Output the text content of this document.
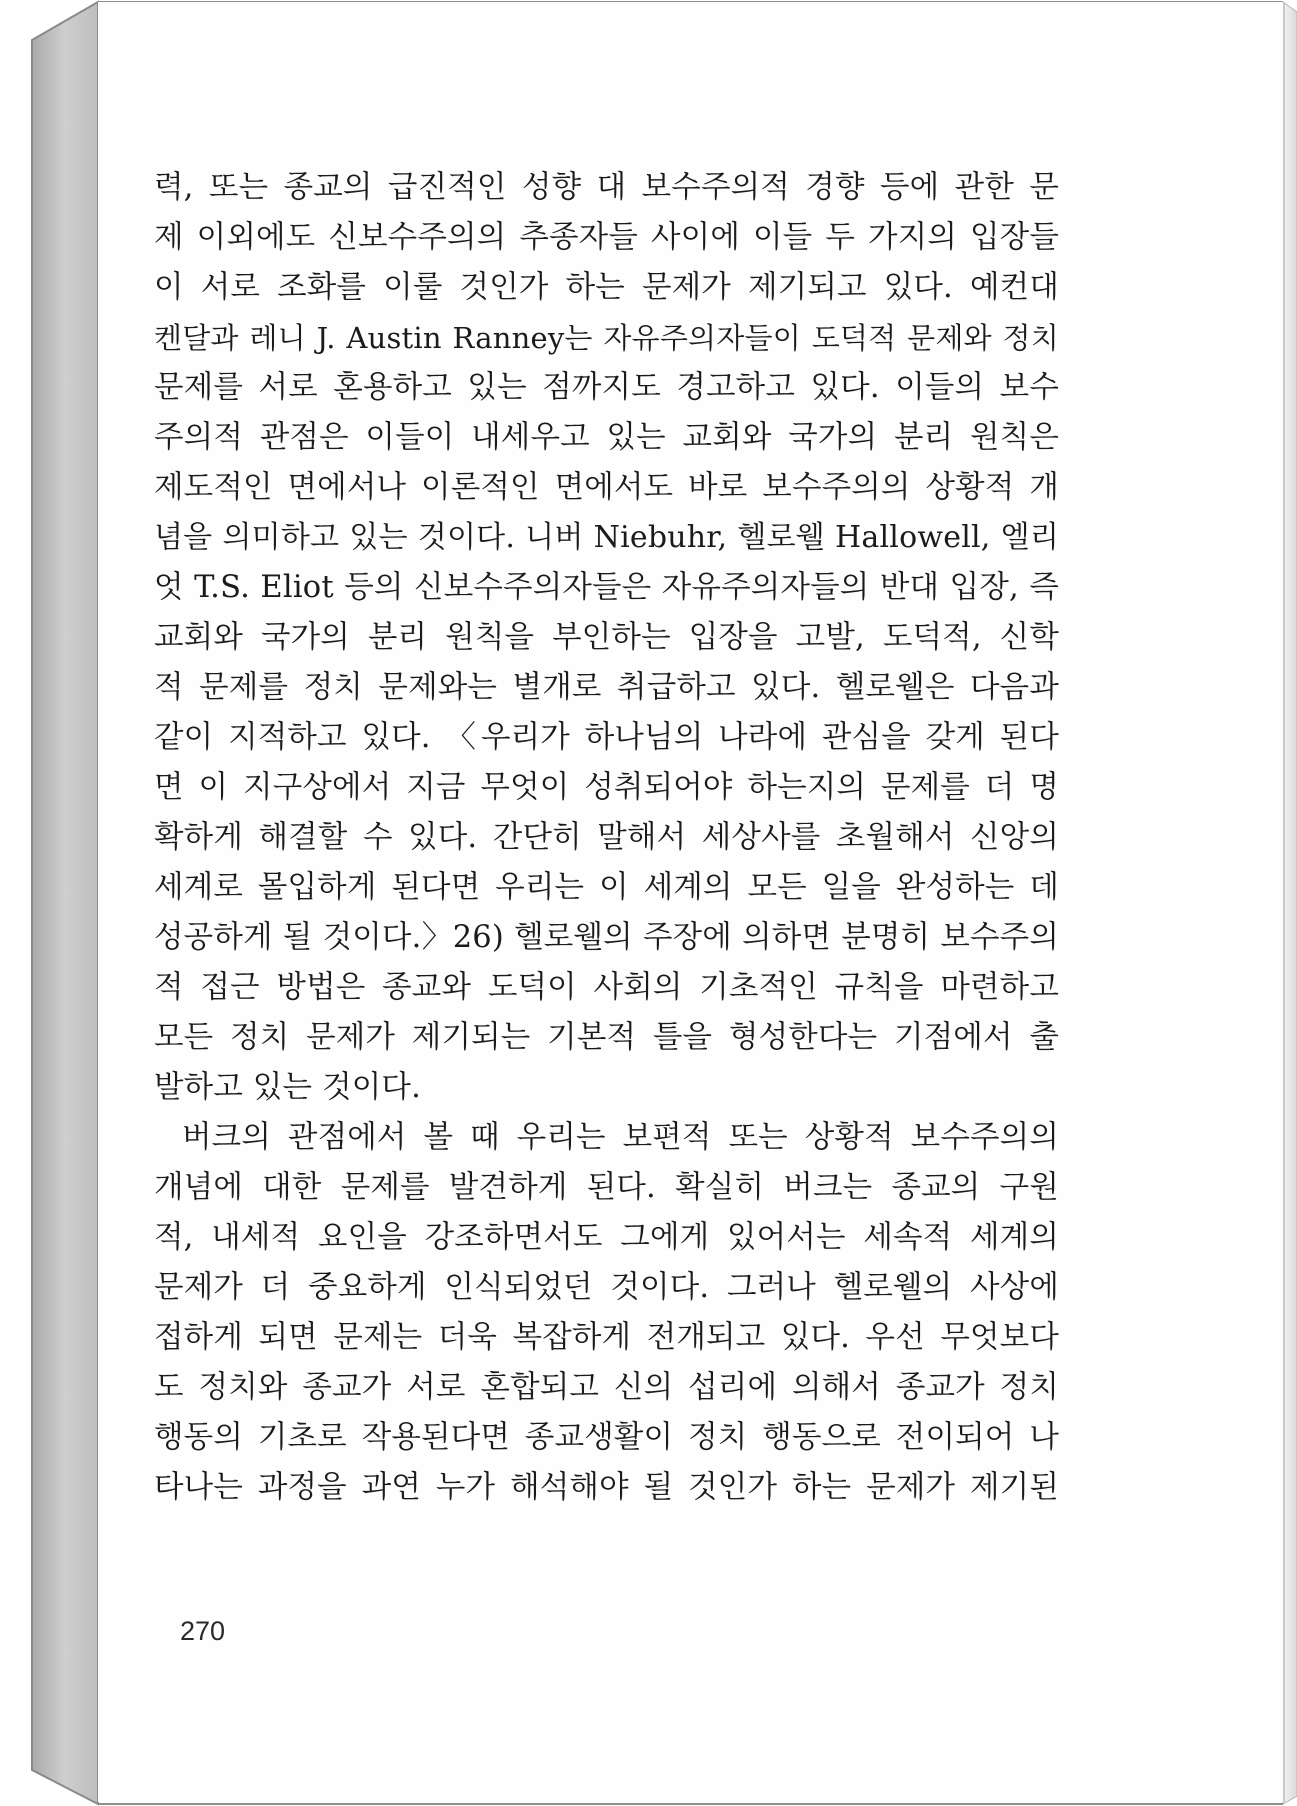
력, 또는 종교의 급진적인 성향 대 보수주의적 경향 등에 관한 문
제 이외에도 신보수주의의 추종자들 사이에 이들 두 가지의 입장들
이 서로 조화를 이룰 것인가 하는 문제가 제기되고 있다. 예컨대
켄달과 레니 J. Austin Ranney는 자유주의자들이 도덕적 문제와 정치
문제를 서로 혼용하고 있는 점까지도 경고하고 있다. 이들의 보수
주의적 관점은 이들이 내세우고 있는 교회와 국가의 분리 원칙은
제도적인 면에서나 이론적인 면에서도 바로 보수주의의 상황적 개
념을 의미하고 있는 것이다. 니버 Niebuhr, 헬로웰 Hallowell, 엘리
엇 T.S. Eliot 등의 신보수주의자들은 자유주의자들의 반대 입장, 즉
교회와 국가의 분리 원칙을 부인하는 입장을 고발, 도덕적, 신학
적 문제를 정치 문제와는 별개로 취급하고 있다. 헬로웰은 다음과
같이 지적하고 있다. 〈우리가 하나님의 나라에 관심을 갖게 된다
면 이 지구상에서 지금 무엇이 성취되어야 하는지의 문제를 더 명
확하게 해결할 수 있다. 간단히 말해서 세상사를 초월해서 신앙의
세계로 몰입하게 된다면 우리는 이 세계의 모든 일을 완성하는 데
성공하게 될 것이다.〉26) 헬로웰의 주장에 의하면 분명히 보수주의
적 접근 방법은 종교와 도덕이 사회의 기초적인 규칙을 마련하고
모든 정치 문제가 제기되는 기본적 틀을 형성한다는 기점에서 출
발하고 있는 것이다.
버크의 관점에서 볼 때 우리는 보편적 또는 상황적 보수주의의
개념에 대한 문제를 발견하게 된다. 확실히 버크는 종교의 구원
적, 내세적 요인을 강조하면서도 그에게 있어서는 세속적 세계의
문제가 더 중요하게 인식되었던 것이다. 그러나 헬로웰의 사상에
접하게 되면 문제는 더욱 복잡하게 전개되고 있다. 우선 무엇보다
도 정치와 종교가 서로 혼합되고 신의 섭리에 의해서 종교가 정치
행동의 기초로 작용된다면 종교생활이 정치 행동으로 전이되어 나
타나는 과정을 과연 누가 해석해야 될 것인가 하는 문제가 제기된
270
